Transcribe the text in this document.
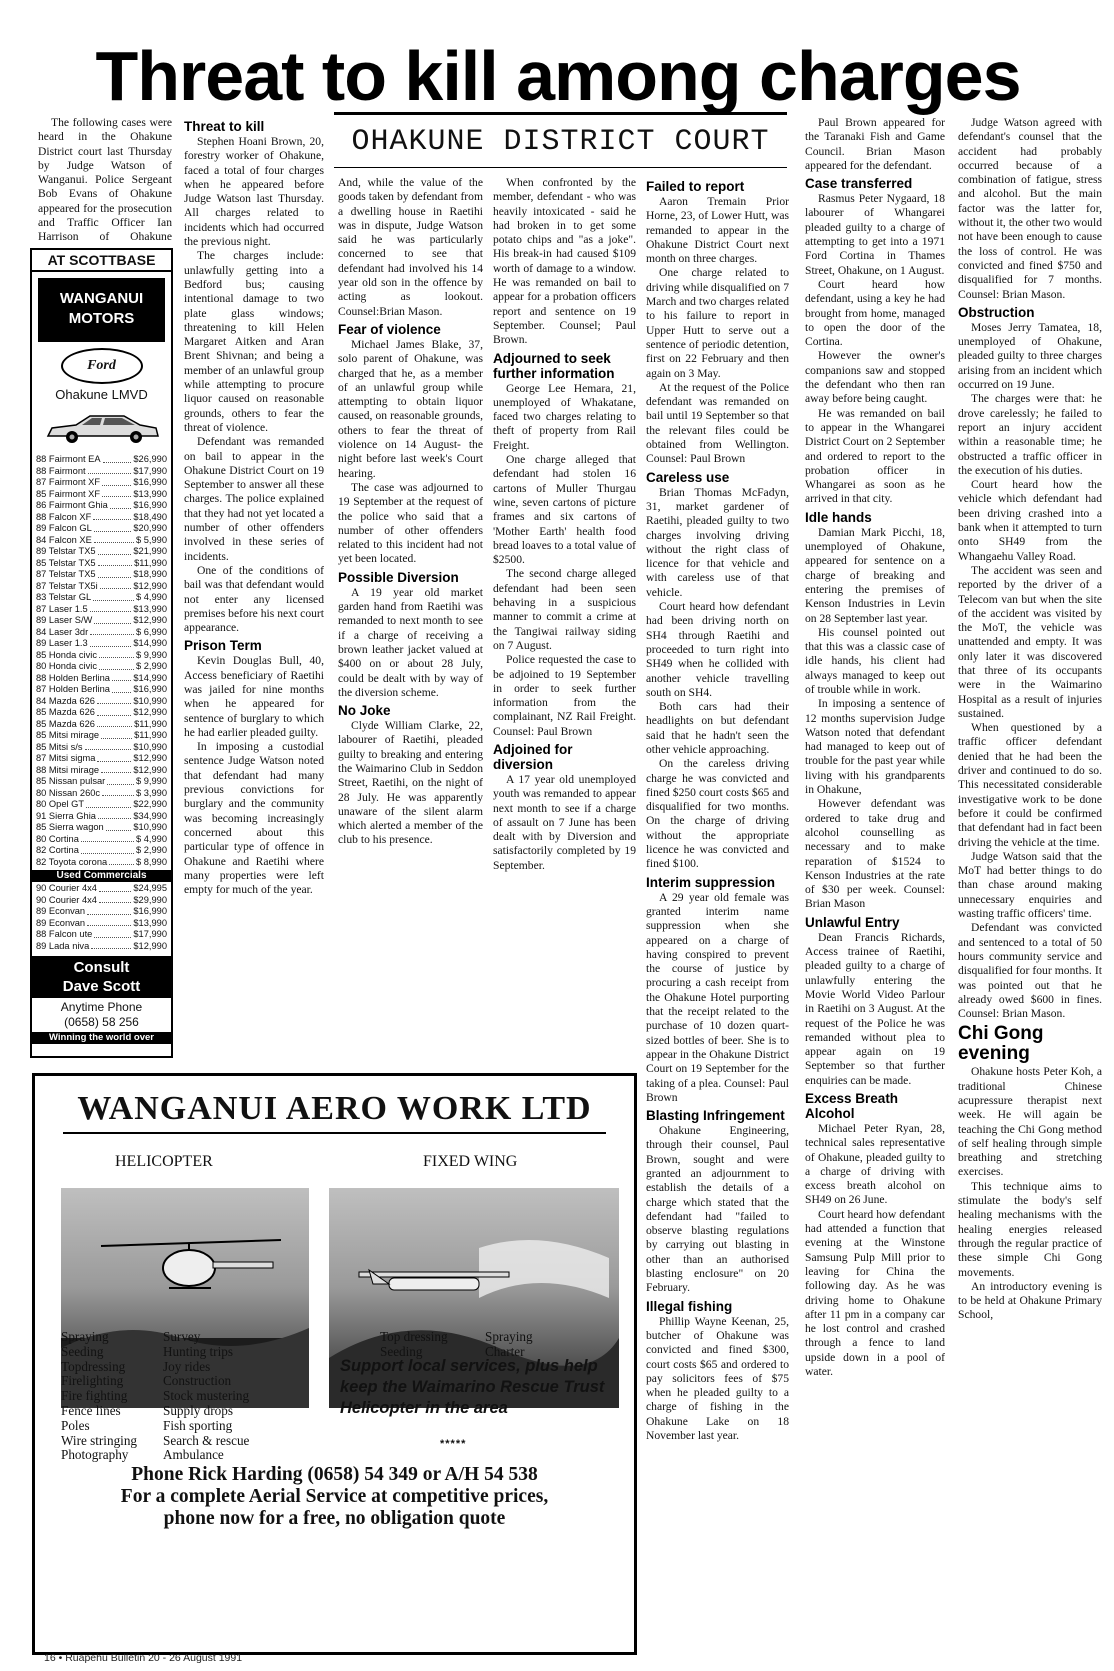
Threat to kill among charges

The following cases were heard in the Ohakune District court last Thursday by Judge Watson of Wanganui. Police Sergeant Bob Evans of Ohakune appeared for the prosecution and Traffic Officer Ian Harrison of Ohakune

AT SCOTTBASE
WANGANUI
MOTORS
Ford
Ohakune LMVD
88 Fairmont EA	$26,990
88 Fairmont	$17,990
87 Fairmont XF	$16,990
85 Fairmont XF	$13,990
86 Fairmont Ghia	$16,990
88 Falcon XF	$18,490
89 Falcon GL	$20,990
84 Falcon XE	$ 5,990
89 Telstar TX5	$21,990
85 Telstar TX5	$11,990
87 Telstar TX5	$18,990
87 Telstar TX5i	$12,990
83 Telstar GL	$ 4,990
87 Laser 1.5	$13,990
89 Laser S/W	$12,990
84 Laser 3dr	$ 6,990
89 Laser 1.3	$14,990
85 Honda civic	$ 9,990
80 Honda civic	$ 2,990
88 Holden Berlina	$14,990
87 Holden Berlina	$16,990
84 Mazda 626	$10,990
85 Mazda 626	$12,990
85 Mazda 626	$11,990
85 Mitsi mirage	$11,990
85 Mitsi s/s	$10,990
87 Mitsi sigma	$12,990
88 Mitsi mirage	$12,990
85 Nissan pulsar	$ 9,990
80 Nissan 260c	$ 3,990
80 Opel GT	$22,990
91 Sierra Ghia	$34,990
85 Sierra wagon	$10,990
80 Cortina	$ 4,990
82 Cortina	$ 2,990
82 Toyota corona	$ 8,990
Used Commercials
90 Courier 4x4	$24,995
90 Courier 4x4	$29,990
89 Econvan	$16,990
89 Econvan	$13,990
88 Falcon ute	$17,990
89 Lada niva	$12,990
Consult
Dave Scott
Anytime Phone
(0658) 58 256
Winning the world over
Threat to kill

Stephen Hoani Brown, 20, forestry worker of Ohakune, faced a total of four charges when he appeared before Judge Watson last Thursday. All charges related to incidents which had occurred the previous night.

The charges include: unlawfully getting into a Bedford bus; causing intentional damage to two plate glass windows; threatening to kill Helen Margaret Aitken and Aran Brent Shivnan; and being a member of an unlawful group while attempting to procure liquor caused on reasonable grounds, others to fear the threat of violence.

Defendant was remanded on bail to appear in the Ohakune District Court on 19 September to answer all these charges. The police explained that they had not yet located a number of other offenders involved in these series of incidents.

One of the conditions of bail was that defendant would not enter any licensed premises before his next court appearance.

Prison Term

Kevin Douglas Bull, 40, Access beneficiary of Raetihi was jailed for nine months when he appeared for sentence of burglary to which he had earlier pleaded guilty.

In imposing a custodial sentence Judge Watson noted that defendant had many previous convictions for burglary and the community was becoming increasingly concerned about this particular type of offence in Ohakune and Raetihi where many properties were left empty for much of the year.

OHAKUNE DISTRICT COURT

And, while the value of the goods taken by defendant from a dwelling house in Raetihi was in dispute, Judge Watson said he was particularly concerned to see that defendant had involved his 14 year old son in the offence by acting as lookout. Counsel:Brian Mason.

Fear of violence

Michael James Blake, 37, solo parent of Ohakune, was charged that he, as a member of an unlawful group while attempting to obtain liquor caused, on reasonable grounds, others to fear the threat of violence on 14 August- the night before last week's Court hearing.

The case was adjourned to 19 September at the request of the police who said that a number of other offenders related to this incident had not yet been located.

Possible Diversion

A 19 year old market garden hand from Raetihi was remanded to next month to see if a charge of receiving a brown leather jacket valued at $400 on or about 28 July, could be dealt with by way of the diversion scheme.

No Joke

Clyde William Clarke, 22, labourer of Raetihi, pleaded guilty to breaking and entering the Waimarino Club in Seddon Street, Raetihi, on the night of 28 July. He was apparently unaware of the silent alarm which alerted a member of the club to his presence.

When confronted by the member, defendant - who was heavily intoxicated - said he had broken in to get some potato chips and "as a joke". His break-in had caused $109 worth of damage to a window. He was remanded on bail to appear for a probation officers report and sentence on 19 September. Counsel; Paul Brown.

Adjourned to seek further information

George Lee Hemara, 21, unemployed of Whakatane, faced two charges relating to theft of property from Rail Freight.

One charge alleged that defendant had stolen 16 cartons of Muller Thurgau wine, seven cartons of picture frames and six cartons of 'Mother Earth' health food bread loaves to a total value of $2500.

The second charge alleged defendant had been seen behaving in a suspicious manner to commit a crime at the Tangiwai railway siding on 7 August.

Police requested the case to be adjoined to 19 September in order to seek further information from the complainant, NZ Rail Freight. Counsel: Paul Brown

Adjoined for diversion

A 17 year old unemployed youth was remanded to appear next month to see if a charge of assault on 7 June has been dealt with by Diversion and satisfactorily completed by 19 September.

Failed to report

Aaron Tremain Prior Horne, 23, of Lower Hutt, was remanded to appear in the Ohakune District Court next month on three charges.

One charge related to driving while disqualified on 7 March and two charges related to his failure to report in Upper Hutt to serve out a sentence of periodic detention, first on 22 February and then again on 3 May.

At the request of the Police defendant was remanded on bail until 19 September so that the relevant files could be obtained from Wellington. Counsel: Paul Brown

Careless use

Brian Thomas McFadyn, 31, market gardener of Raetihi, pleaded guilty to two charges involving driving without the right class of licence for that vehicle and with careless use of that vehicle.

Court heard how defendant had been driving north on SH4 through Raetihi and proceeded to turn right into SH49 when he collided with another vehicle travelling south on SH4.

Both cars had their headlights on but defendant said that he hadn't seen the other vehicle approaching.

On the careless driving charge he was convicted and fined $250 court costs $65 and disqualified for two months. On the charge of driving without the appropriate licence he was convicted and fined $100.

Interim suppression

A 29 year old female was granted interim name suppression when she appeared on a charge of having conspired to prevent the course of justice by procuring a cash receipt from the Ohakune Hotel purporting that the receipt related to the purchase of 10 dozen quart-sized bottles of beer. She is to appear in the Ohakune District Court on 19 September for the taking of a plea. Counsel: Paul Brown

Blasting Infringement

Ohakune Engineering, through their counsel, Paul Brown, sought and were granted an adjournment to establish the details of a charge which stated that the defendant had "failed to observe blasting regulations by carrying out blasting in other than an authorised blasting enclosure" on 20 February.

Illegal fishing

Phillip Wayne Keenan, 25, butcher of Ohakune was convicted and fined $300, court costs $65 and ordered to pay solicitors fees of $75 when he pleaded guilty to a charge of fishing in the Ohakune Lake on 18 November last year.

Paul Brown appeared for the Taranaki Fish and Game Council. Brian Mason appeared for the defendant.

Case transferred

Rasmus Peter Nygaard, 18 labourer of Whangarei pleaded guilty to a charge of attempting to get into a 1971 Ford Cortina in Thames Street, Ohakune, on 1 August.

Court heard how defendant, using a key he had brought from home, managed to open the door of the Cortina.

However the owner's companions saw and stopped the defendant who then ran away before being caught.

He was remanded on bail to appear in the Whangarei District Court on 2 September and ordered to report to the probation officer in Whangarei as soon as he arrived in that city.

Idle hands

Damian Mark Picchi, 18, unemployed of Ohakune, appeared for sentence on a charge of breaking and entering the premises of Kenson Industries in Levin on 28 September last year.

His counsel pointed out that this was a classic case of idle hands, his client had always managed to keep out of trouble while in work.

In imposing a sentence of 12 months supervision Judge Watson noted that defendant had managed to keep out of trouble for the past year while living with his grandparents in Ohakune,

However defendant was ordered to take drug and alcohol counselling as necessary and to make reparation of $1524 to Kenson Industries at the rate of $30 per week. Counsel: Brian Mason

Unlawful Entry

Dean Francis Richards, Access trainee of Raetihi, pleaded guilty to a charge of unlawfully entering the Movie World Video Parlour in Raetihi on 3 August. At the request of the Police he was remanded without plea to appear again on 19 September so that further enquiries can be made.

Excess Breath Alcohol

Michael Peter Ryan, 28, technical sales representative of Ohakune, pleaded guilty to a charge of driving with excess breath alcohol on SH49 on 26 June.

Court heard how defendant had attended a function that evening at the Winstone Samsung Pulp Mill prior to leaving for China the following day. As he was driving home to Ohakune after 11 pm in a company car he lost control and crashed through a fence to land upside down in a pool of water.

Judge Watson agreed with defendant's counsel that the accident had probably occurred because of a combination of fatigue, stress and alcohol. But the main factor was the latter for, without it, the other two would not have been enough to cause the loss of control. He was convicted and fined $750 and disqualified for 7 months. Counsel: Brian Mason.

Obstruction

Moses Jerry Tamatea, 18, unemployed of Ohakune, pleaded guilty to three charges arising from an incident which occurred on 19 June.

The charges were that: he drove carelessly; he failed to report an injury accident within a reasonable time; he obstructed a traffic officer in the execution of his duties.

Court heard how the vehicle which defendant had been driving crashed into a bank when it attempted to turn onto SH49 from the Whangaehu Valley Road.

The accident was seen and reported by the driver of a Telecom van but when the site of the accident was visited by the MoT, the vehicle was unattended and empty. It was only later it was discovered that three of its occupants were in the Waimarino Hospital as a result of injuries sustained.

When questioned by a traffic officer defendant denied that he had been the driver and continued to do so. This necessitated considerable investigative work to be done before it could be confirmed that defendant had in fact been driving the vehicle at the time.

Judge Watson said that the MoT had better things to do than chase around making unnecessary enquiries and wasting traffic officers' time.

Defendant was convicted and sentenced to a total of 50 hours community service and disqualified for four months. It was pointed out that he already owed $600 in fines. Counsel: Brian Mason.

Chi Gong evening

Ohakune hosts Peter Koh, a traditional Chinese acupressure therapist next week. He will again be teaching the Chi Gong method of self healing through simple breathing and stretching exercises.

This technique aims to stimulate the body's self healing mechanisms with the healing energies released through the regular practice of these simple Chi Gong movements.

An introductory evening is to be held at Ohakune Primary School,

WANGANUI AERO WORK LTD
HELICOPTER	FIXED WING
Spraying
Seeding
Topdressing
Firelighting
Fire fighting
Fence lines
Poles
Wire stringing
Photography
Survey
Hunting trips
Joy rides
Construction
Stock mustering
Supply drops
Fish sporting
Search & rescue
Ambulance
Top dressing
Seeding
Spraying
Charter
Support local services, plus help keep the Waimarino Rescue Trust Helicopter in the area
*****
Phone Rick Harding (0658) 54 349 or A/H 54 538
For a complete Aerial Service at competitive prices,
phone now for a free, no obligation quote
16 • Ruapehu Bulletin 20 - 26 August 1991
